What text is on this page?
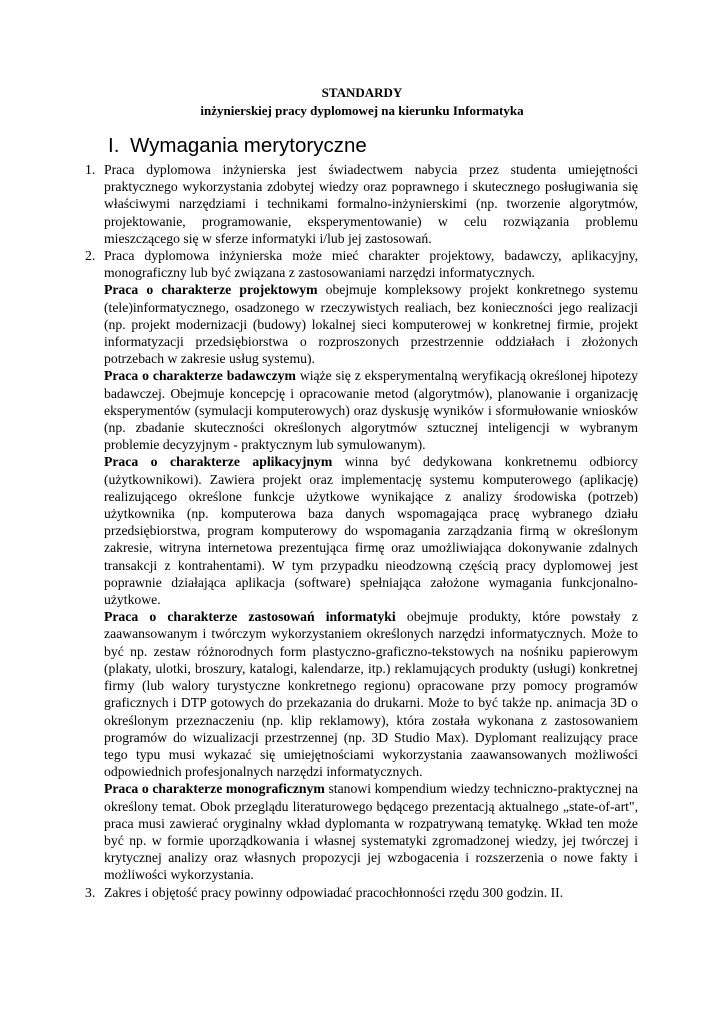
STANDARDY
inżynierskiej pracy dyplomowej na kierunku Informatyka
I. Wymagania merytoryczne
1. Praca dyplomowa inżynierska jest świadectwem nabycia przez studenta umiejętności praktycznego wykorzystania zdobytej wiedzy oraz poprawnego i skutecznego posługiwania się właściwymi narzędziami i technikami formalno-inżynierskimi (np. tworzenie algorytmów, projektowanie, programowanie, eksperymentowanie) w celu rozwiązania problemu mieszczącego się w sferze informatyki i/lub jej zastosowań.

2. Praca dyplomowa inżynierska może mieć charakter projektowy, badawczy, aplikacyjny, monograficzny lub być związana z zastosowaniami narzędzi informatycznych.

Praca o charakterze projektowym obejmuje kompleksowy projekt konkretnego systemu (tele)informatycznego, osadzonego w rzeczywistych realiach, bez konieczności jego realizacji (np. projekt modernizacji (budowy) lokalnej sieci komputerowej w konkretnej firmie, projekt informatyzacji przedsiębiorstwa o rozproszonych przestrzennie oddziałach i złożonych potrzebach w zakresie usług systemu).

Praca o charakterze badawczym wiąże się z eksperymentalną weryfikacją określonej hipotezy badawczej. Obejmuje koncepcję i opracowanie metod (algorytmów), planowanie i organizację eksperymentów (symulacji komputerowych) oraz dyskusję wyników i sformułowanie wniosków (np. zbadanie skuteczności określonych algorytmów sztucznej inteligencji w wybranym problemie decyzyjnym - praktycznym lub symulowanym).

Praca o charakterze aplikacyjnym winna być dedykowana konkretnemu odbiorcy (użytkownikowi). Zawiera projekt oraz implementację systemu komputerowego (aplikację) realizującego określone funkcje użytkowe wynikające z analizy środowiska (potrzeb) użytkownika (np. komputerowa baza danych wspomagająca pracę wybranego działu przedsiębiorstwa, program komputerowy do wspomagania zarządzania firmą w określonym zakresie, witryna internetowa prezentująca firmę oraz umożliwiająca dokonywanie zdalnych transakcji z kontrahentami). W tym przypadku nieodzowną częścią pracy dyplomowej jest poprawnie działająca aplikacja (software) spełniająca założone wymagania funkcjonalno-użytkowe.

Praca o charakterze zastosowań informatyki obejmuje produkty, które powstały z zaawansowanym i twórczym wykorzystaniem określonych narzędzi informatycznych. Może to być np. zestaw różnorodnych form plastyczno-graficzno-tekstowych na nośniku papierowym (plakaty, ulotki, broszury, katalogi, kalendarze, itp.) reklamujących produkty (usługi) konkretnej firmy (lub walory turystyczne konkretnego regionu) opracowane przy pomocy programów graficznych i DTP gotowych do przekazania do drukarni. Może to być także np. animacja 3D o określonym przeznaczeniu (np. klip reklamowy), która została wykonana z zastosowaniem programów do wizualizacji przestrzennej (np. 3D Studio Max). Dyplomant realizujący prace tego typu musi wykazać się umiejętnościami wykorzystania zaawansowanych możliwości odpowiednich profesjonalnych narzędzi informatycznych.

Praca o charakterze monograficznym stanowi kompendium wiedzy techniczno-praktycznej na określony temat. Obok przeglądu literaturowego będącego prezentacją aktualnego „state-of-art", praca musi zawierać oryginalny wkład dyplomanta w rozpatrywaną tematykę. Wkład ten może być np. w formie uporządkowania i własnej systematyki zgromadzonej wiedzy, jej twórczej i krytycznej analizy oraz własnych propozycji jej wzbogacenia i rozszerzenia o nowe fakty i możliwości wykorzystania.

3. Zakres i objętość pracy powinny odpowiadać pracochłonności rzędu 300 godzin. II.
